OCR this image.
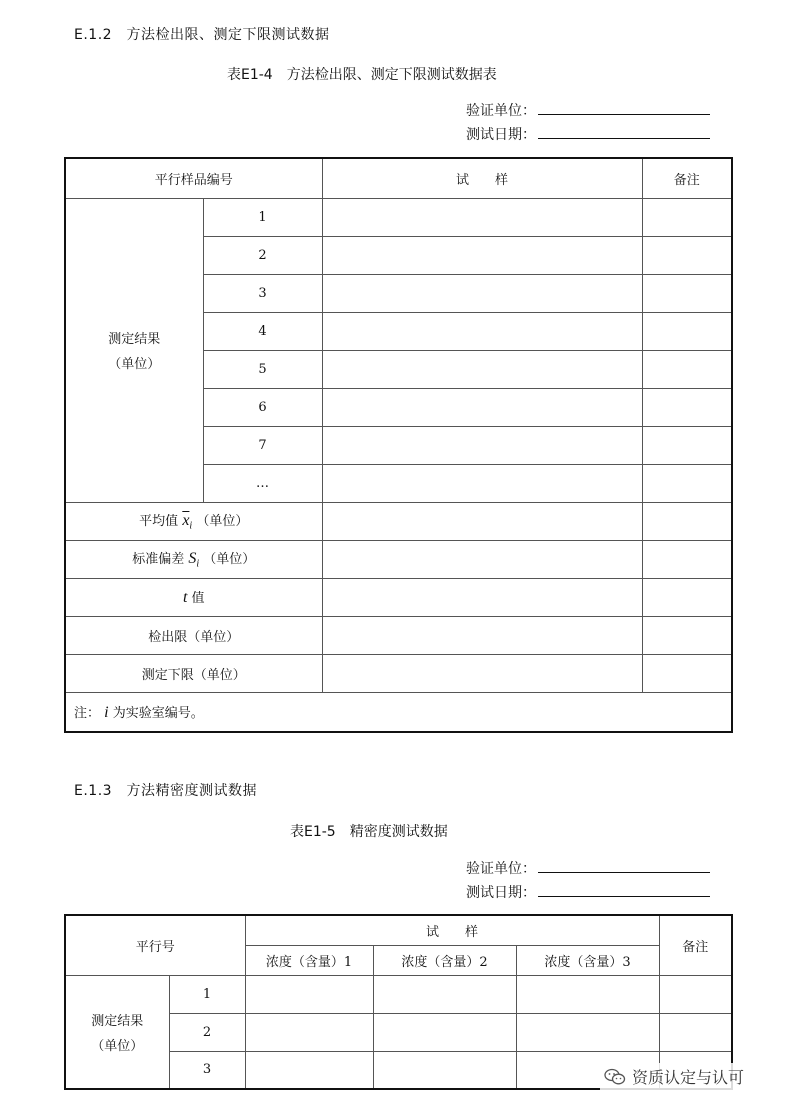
E.1.2　方法检出限、测定下限测试数据
表E1-4　方法检出限、测定下限测试数据表
验证单位：
测试日期：
平行样品编号		试　　样	备注

测定结果
（单位）	1		
	2		
	3		
	4		
	5		
	6		
	7		
	…		
平均值 $\overline{x}_i$ （单位）			
标准偏差 $S_i$ （单位）			
t 值			
检出限（单位）			
测定下限（单位）			
注： i 为实验室编号。			
E.1.3　方法精密度测试数据
表E1-5　精密度测试数据
验证单位：
测试日期：
平行号		试　　样			备注
		浓度（含量）1	浓度（含量）2	浓度（含量）3	

测定结果
（单位）	1				
	2				
	3					资质认定与认可
